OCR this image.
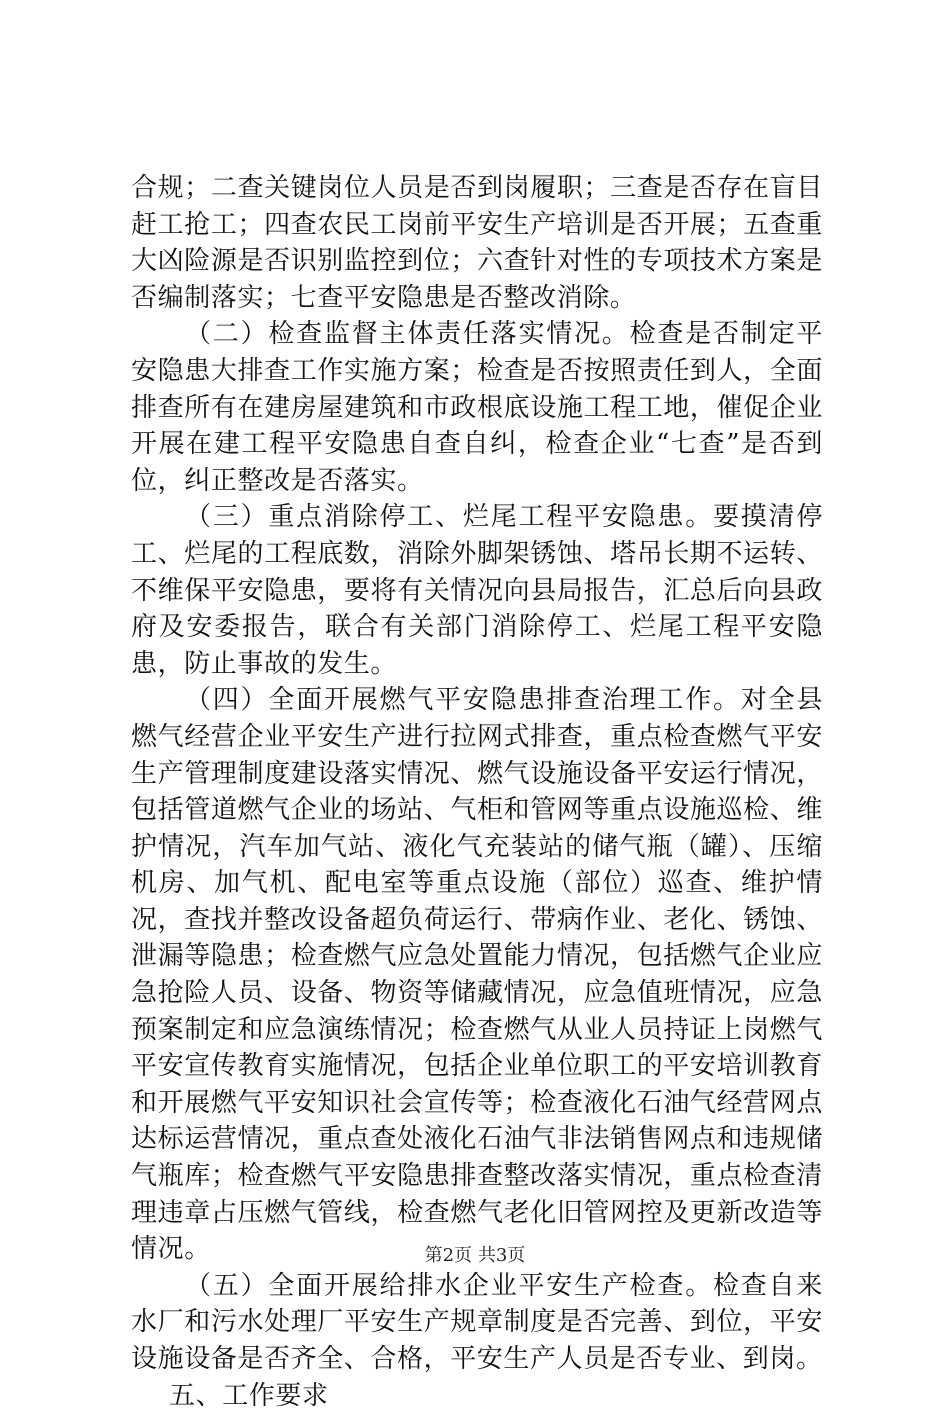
合规；二查关键岗位人员是否到岗履职；三查是否存在盲目赶工抢工；四查农民工岗前平安生产培训是否开展；五查重大凶险源是否识别监控到位；六查针对性的专项技术方案是否编制落实；七查平安隐患是否整改消除。

（二）检查监督主体责任落实情况。检查是否制定平安隐患大排查工作实施方案；检查是否按照责任到人，全面排查所有在建房屋建筑和市政根底设施工程工地，催促企业开展在建工程平安隐患自查自纠，检查企业“七查”是否到位，纠正整改是否落实。

（三）重点消除停工、烂尾工程平安隐患。要摸清停工、烂尾的工程底数，消除外脚架锈蚀、塔吊长期不运转、不维保平安隐患，要将有关情况向县局报告，汇总后向县政府及安委报告，联合有关部门消除停工、烂尾工程平安隐患，防止事故的发生。

（四）全面开展燃气平安隐患排查治理工作。对全县燃气经营企业平安生产进行拉网式排查，重点检查燃气平安生产管理制度建设落实情况、燃气设施设备平安运行情况，包括管道燃气企业的场站、气柜和管网等重点设施巡检、维护情况，汽车加气站、液化气充装站的储气瓶（罐）、压缩机房、加气机、配电室等重点设施（部位）巡查、维护情况，查找并整改设备超负荷运行、带病作业、老化、锈蚀、泄漏等隐患；检查燃气应急处置能力情况，包括燃气企业应急抢险人员、设备、物资等储藏情况，应急值班情况，应急预案制定和应急演练情况；检查燃气从业人员持证上岗燃气平安宣传教育实施情况，包括企业单位职工的平安培训教育和开展燃气平安知识社会宣传等；检查液化石油气经营网点达标运营情况，重点查处液化石油气非法销售网点和违规储气瓶库；检查燃气平安隐患排查整改落实情况，重点检查清理违章占压燃气管线，检查燃气老化旧管网控及更新改造等情况。

（五）全面开展给排水企业平安生产检查。检查自来水厂和污水处理厂平安生产规章制度是否完善、到位，平安设施设备是否齐全、合格，平安生产人员是否专业、到岗。

五、工作要求

第2页 共3页
